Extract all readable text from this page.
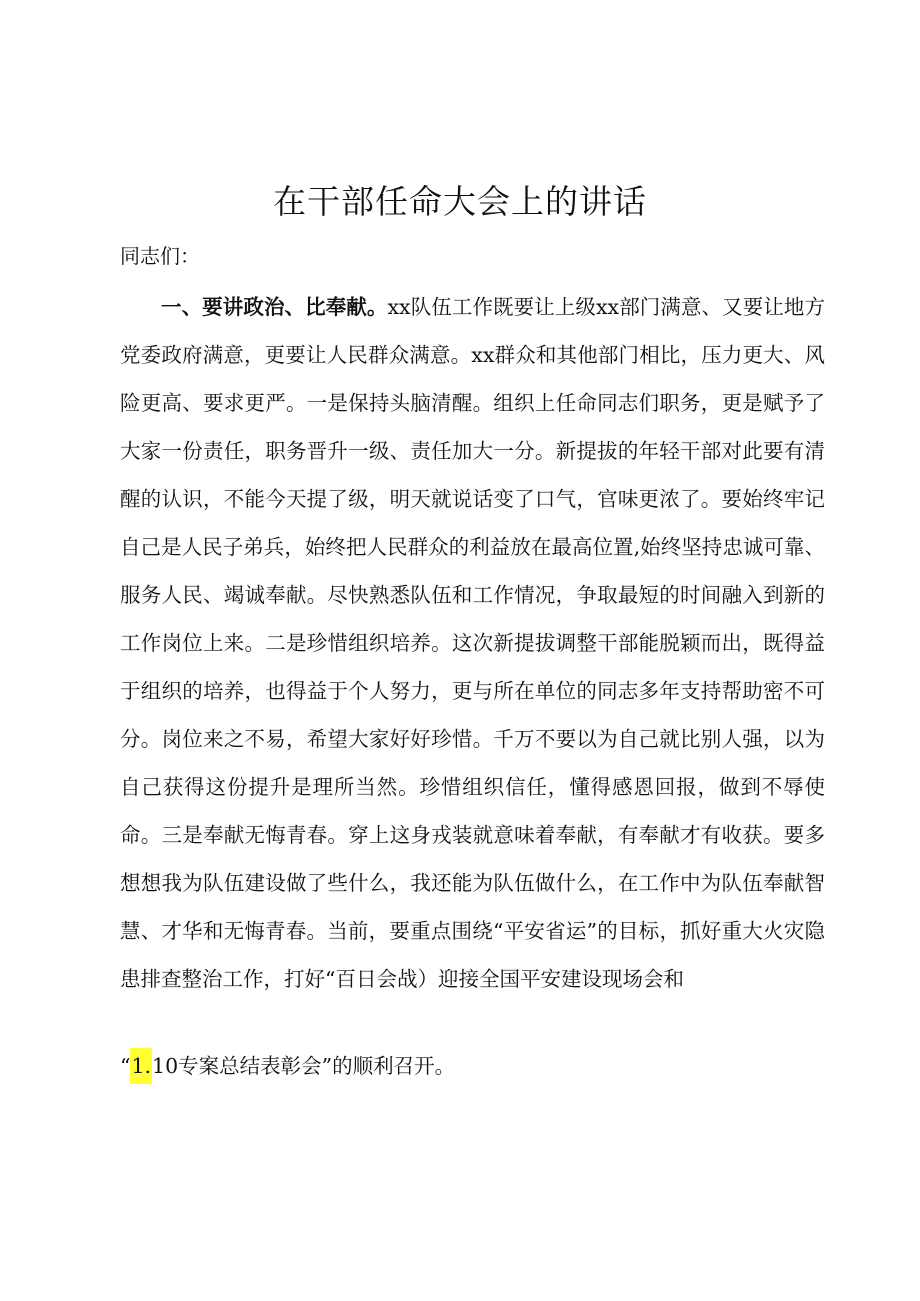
在干部任命大会上的讲话

同志们：

一、要讲政治、比奉献。xx队伍工作既要让上级xx部门满意、又要让地方党委政府满意，更要让人民群众满意。xx群众和其他部门相比，压力更大、风险更高、要求更严。一是保持头脑清醒。组织上任命同志们职务，更是赋予了大家一份责任，职务晋升一级、责任加大一分。新提拔的年轻干部对此要有清醒的认识，不能今天提了级，明天就说话变了口气，官味更浓了。要始终牢记自己是人民子弟兵，始终把人民群众的利益放在最高位置,始终坚持忠诚可靠、服务人民、竭诚奉献。尽快熟悉队伍和工作情况，争取最短的时间融入到新的工作岗位上来。二是珍惜组织培养。这次新提拔调整干部能脱颖而出，既得益于组织的培养，也得益于个人努力，更与所在单位的同志多年支持帮助密不可分。岗位来之不易，希望大家好好珍惜。千万不要以为自己就比别人强，以为自己获得这份提升是理所当然。珍惜组织信任，懂得感恩回报，做到不辱使命。三是奉献无悔青春。穿上这身戎装就意味着奉献，有奉献才有收获。要多想想我为队伍建设做了些什么，我还能为队伍做什么，在工作中为队伍奉献智慧、才华和无悔青春。当前，要重点围绕“平安省运”的目标，抓好重大火灾隐患排查整治工作，打好“百日会战）迎接全国平安建设现场会和

“1.10专案总结表彰会”的顺利召开。
